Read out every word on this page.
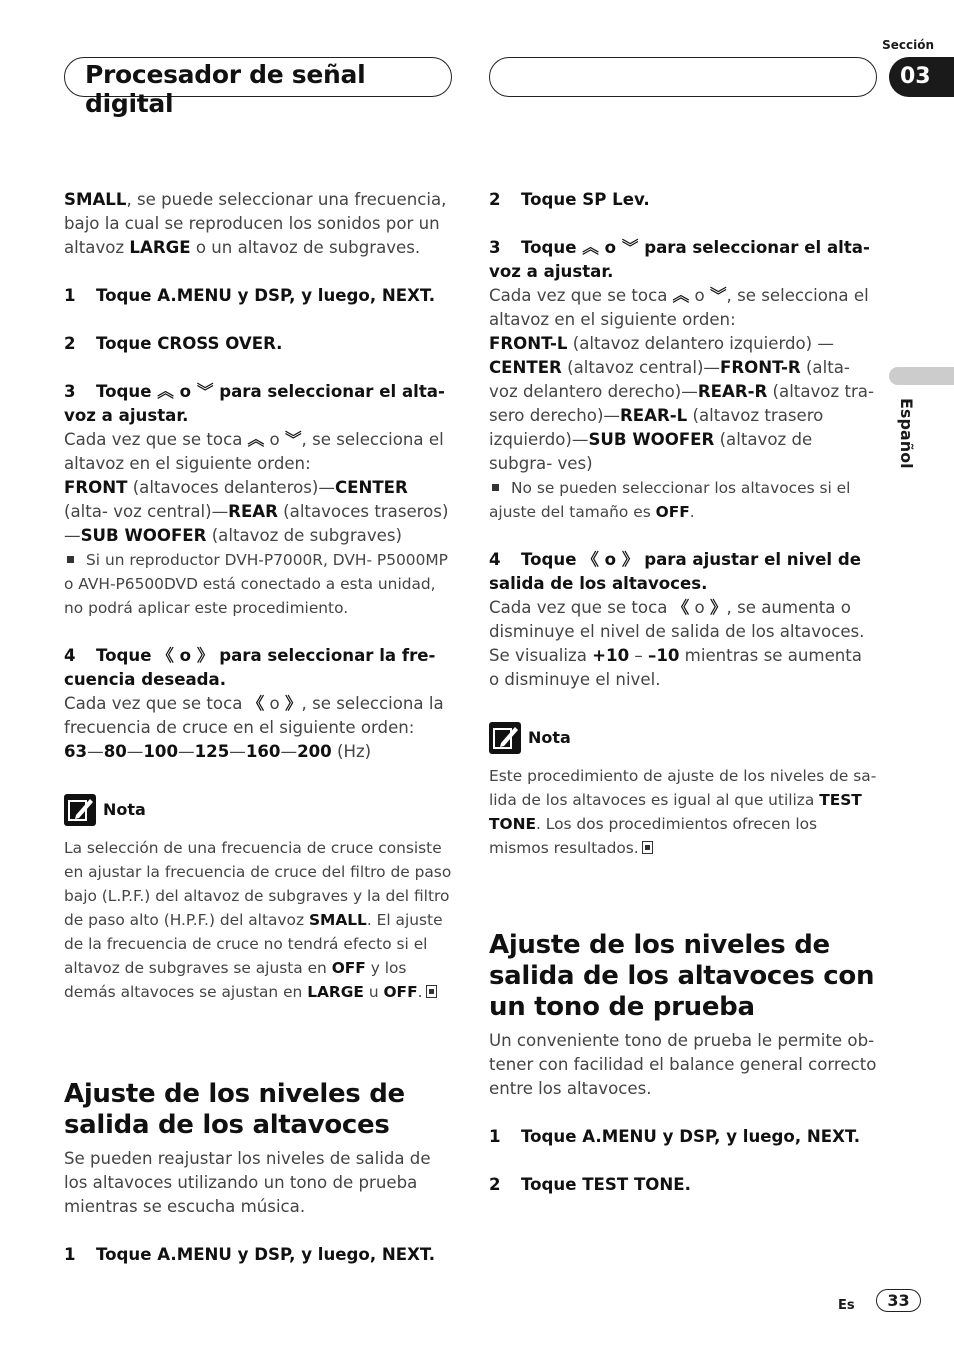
Procesador de señal digital
Sección
03
Español

SMALL, se puede seleccionar una frecuencia, bajo la cual se reproducen los sonidos por un altavoz LARGE o un altavoz de subgraves.

1 Toque A.MENU y DSP, y luego, NEXT.

2 Toque CROSS OVER.

3 Toque ︽ o ︾ para seleccionar el alta- voz a ajustar.

Cada vez que se toca ︽ o ︾, se selecciona el altavoz en el siguiente orden:

FRONT (altavoces delanteros)—CENTER (alta- voz central)—REAR (altavoces traseros) —SUB WOOFER (altavoz de subgraves)

Si un reproductor DVH-P7000R, DVH- P5000MP o AVH-P6500DVD está conectado a esta unidad, no podrá aplicar este procedimiento.

4 Toque 《 o 》 para seleccionar la fre- cuencia deseada.

Cada vez que se toca 《 o 》, se selecciona la frecuencia de cruce en el siguiente orden:

63—80—100—125—160—200 (Hz)

Nota

La selección de una frecuencia de cruce consiste en ajustar la frecuencia de cruce del filtro de paso bajo (L.P.F.) del altavoz de subgraves y la del filtro de paso alto (H.P.F.) del altavoz SMALL. El ajuste de la frecuencia de cruce no tendrá efecto si el altavoz de subgraves se ajusta en OFF y los demás altavoces se ajustan en LARGE u OFF.

Ajuste de los niveles de salida de los altavoces

Se pueden reajustar los niveles de salida de los altavoces utilizando un tono de prueba mientras se escucha música.

1 Toque A.MENU y DSP, y luego, NEXT.

2 Toque SP Lev.

3 Toque ︽ o ︾ para seleccionar el alta- voz a ajustar.

Cada vez que se toca ︽ o ︾, se selecciona el altavoz en el siguiente orden:

FRONT-L (altavoz delantero izquierdo) —CENTER (altavoz central)—FRONT-R (alta- voz delantero derecho)—REAR-R (altavoz tra- sero derecho)—REAR-L (altavoz trasero izquierdo)—SUB WOOFER (altavoz de subgra- ves)

No se pueden seleccionar los altavoces si el ajuste del tamaño es OFF.

4 Toque 《 o 》 para ajustar el nivel de salida de los altavoces.

Cada vez que se toca 《 o 》, se aumenta o disminuye el nivel de salida de los altavoces. Se visualiza +10 – –10 mientras se aumenta o disminuye el nivel.

Nota

Este procedimiento de ajuste de los niveles de sa- lida de los altavoces es igual al que utiliza TEST TONE. Los dos procedimientos ofrecen los mismos resultados.

Ajuste de los niveles de salida de los altavoces con un tono de prueba

Un conveniente tono de prueba le permite ob- tener con facilidad el balance general correcto entre los altavoces.

1 Toque A.MENU y DSP, y luego, NEXT.

2 Toque TEST TONE.

Es	33
